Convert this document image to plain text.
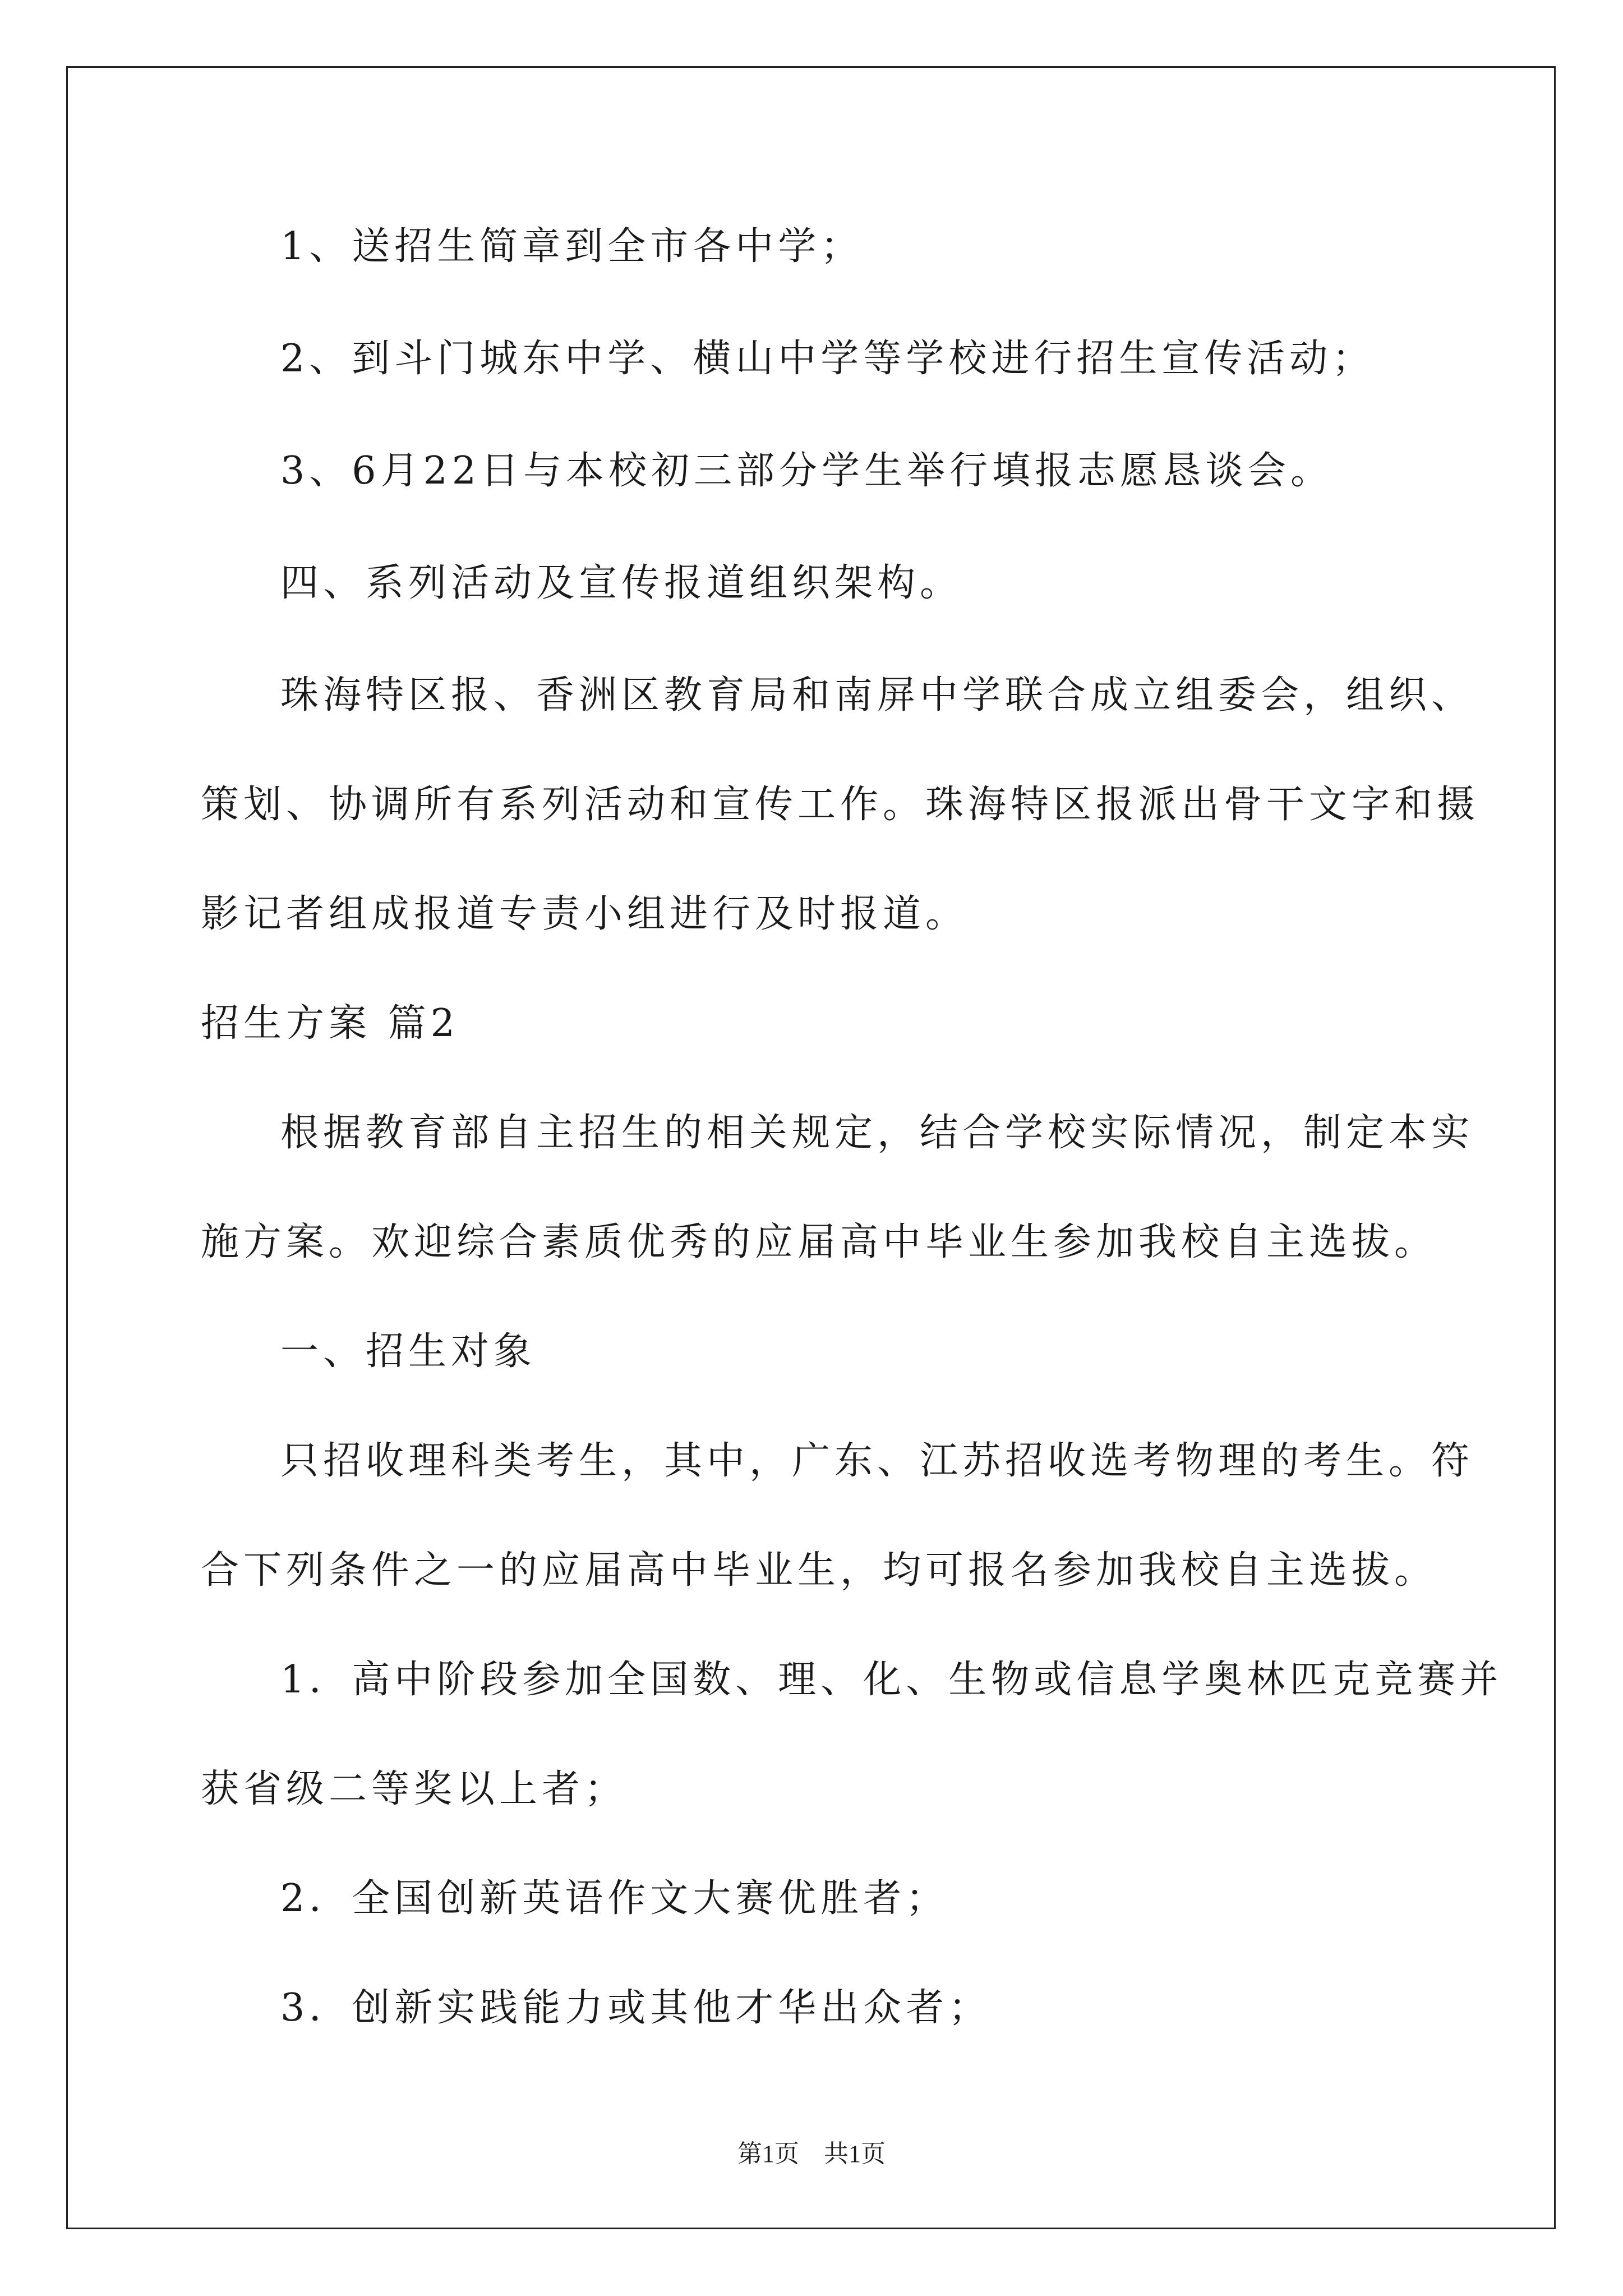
1、送招生简章到全市各中学；
2、到斗门城东中学、横山中学等学校进行招生宣传活动；
3、6月22日与本校初三部分学生举行填报志愿恳谈会。
四、系列活动及宣传报道组织架构。
珠海特区报、香洲区教育局和南屏中学联合成立组委会，组织、
策划、协调所有系列活动和宣传工作。珠海特区报派出骨干文字和摄
影记者组成报道专责小组进行及时报道。
招生方案 篇2
根据教育部自主招生的相关规定，结合学校实际情况，制定本实
施方案。欢迎综合素质优秀的应届高中毕业生参加我校自主选拔。
一、招生对象
只招收理科类考生，其中，广东、江苏招收选考物理的考生。符
合下列条件之一的应届高中毕业生，均可报名参加我校自主选拔。
1．高中阶段参加全国数、理、化、生物或信息学奥林匹克竞赛并
获省级二等奖以上者；
2．全国创新英语作文大赛优胜者；
3．创新实践能力或其他才华出众者；
第1页　共1页
